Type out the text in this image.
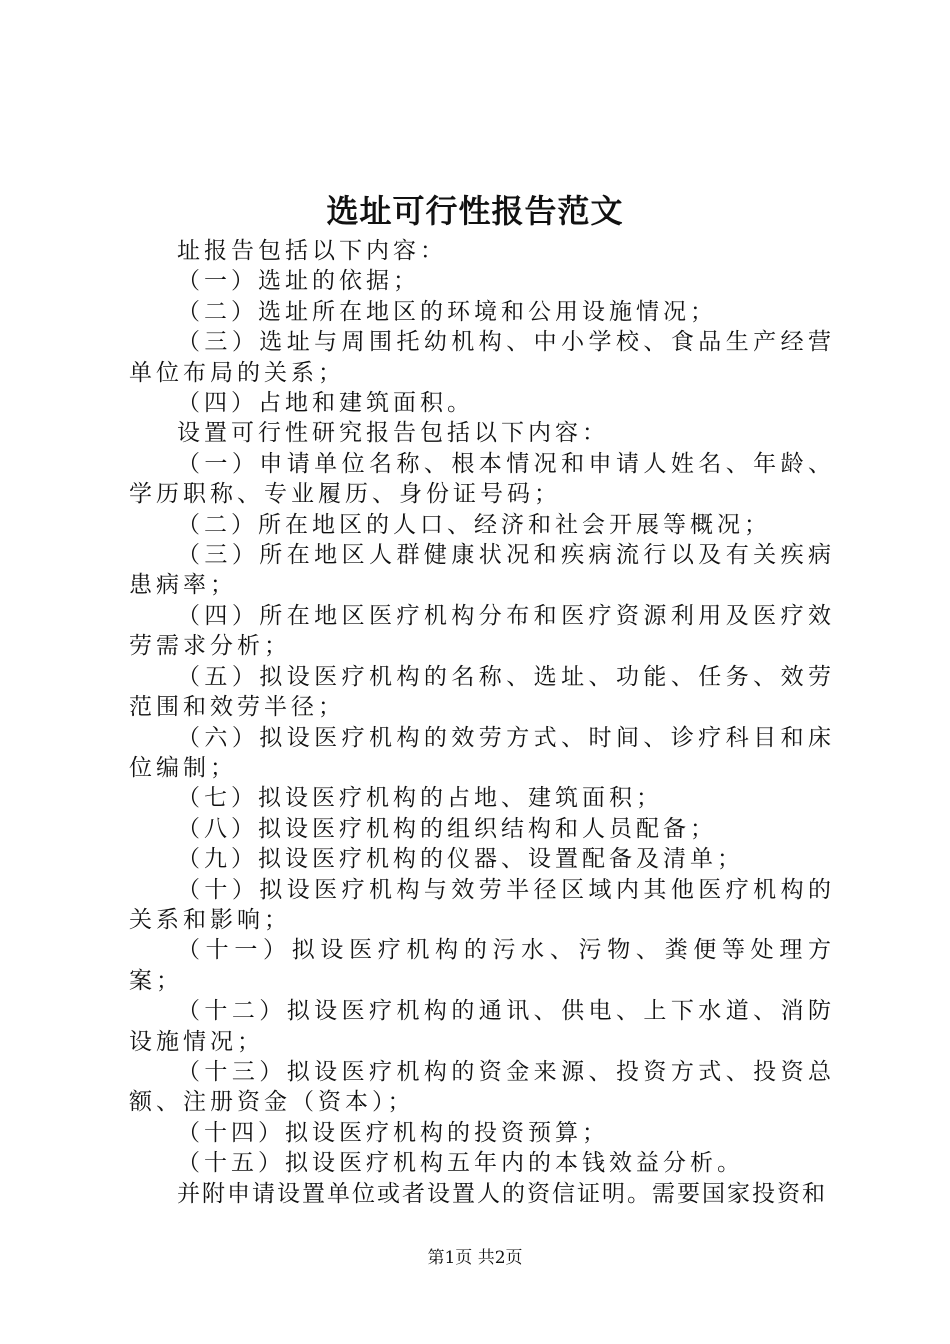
选址可行性报告范文

址报告包括以下内容：

（一）选址的依据；

（二）选址所在地区的环境和公用设施情况；

（三）选址与周围托幼机构、中小学校、食品生产经营单位布局的关系；

（四）占地和建筑面积。

设置可行性研究报告包括以下内容：

（一）申请单位名称、根本情况和申请人姓名、年龄、学历职称、专业履历、身份证号码；

（二）所在地区的人口、经济和社会开展等概况；

（三）所在地区人群健康状况和疾病流行以及有关疾病患病率；

（四）所在地区医疗机构分布和医疗资源利用及医疗效劳需求分析；

（五）拟设医疗机构的名称、选址、功能、任务、效劳范围和效劳半径；

（六）拟设医疗机构的效劳方式、时间、诊疗科目和床位编制；

（七）拟设医疗机构的占地、建筑面积；

（八）拟设医疗机构的组织结构和人员配备；

（九）拟设医疗机构的仪器、设置配备及清单；

（十）拟设医疗机构与效劳半径区域内其他医疗机构的关系和影响；

（十一）拟设医疗机构的污水、污物、粪便等处理方案；

（十二）拟设医疗机构的通讯、供电、上下水道、消防设施情况；

（十三）拟设医疗机构的资金来源、投资方式、投资总额、注册资金（资本）；

（十四）拟设医疗机构的投资预算；

（十五）拟设医疗机构五年内的本钱效益分析。

并附申请设置单位或者设置人的资信证明。需要国家投资和

第1页 共2页
